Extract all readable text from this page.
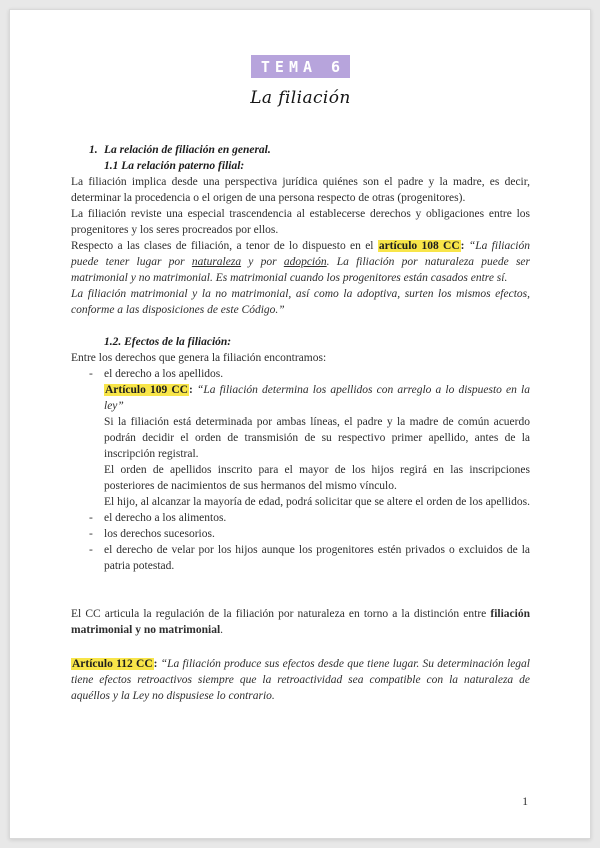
TEMA 6
La filiación

1. La relación de filiación en general.

1.1 La relación paterno filial:

La filiación implica desde una perspectiva jurídica quiénes son el padre y la madre, es decir, determinar la procedencia o el origen de una persona respecto de otras (progenitores).

La filiación reviste una especial trascendencia al establecerse derechos y obligaciones entre los progenitores y los seres procreados por ellos.

Respecto a las clases de filiación, a tenor de lo dispuesto en el artículo 108 CC: “La filiación puede tener lugar por naturaleza y por adopción. La filiación por naturaleza puede ser matrimonial y no matrimonial. Es matrimonial cuando los progenitores están casados entre sí.

La filiación matrimonial y la no matrimonial, así como la adoptiva, surten los mismos efectos, conforme a las disposiciones de este Código.”

1.2. Efectos de la filiación:

Entre los derechos que genera la filiación encontramos:

- el derecho a los apellidos.

Artículo 109 CC: “La filiación determina los apellidos con arreglo a lo dispuesto en la ley”

Si la filiación está determinada por ambas líneas, el padre y la madre de común acuerdo podrán decidir el orden de transmisión de su respectivo primer apellido, antes de la inscripción registral.

El orden de apellidos inscrito para el mayor de los hijos regirá en las inscripciones posteriores de nacimientos de sus hermanos del mismo vínculo.

El hijo, al alcanzar la mayoría de edad, podrá solicitar que se altere el orden de los apellidos.

- el derecho a los alimentos.
- los derechos sucesorios.
- el derecho de velar por los hijos aunque los progenitores estén privados o excluidos de la patria potestad.

El CC articula la regulación de la filiación por naturaleza en torno a la distinción entre filiación matrimonial y no matrimonial.

Artículo 112 CC: “La filiación produce sus efectos desde que tiene lugar. Su determinación legal tiene efectos retroactivos siempre que la retroactividad sea compatible con la naturaleza de aquéllos y la Ley no dispusiese lo contrario.

1
